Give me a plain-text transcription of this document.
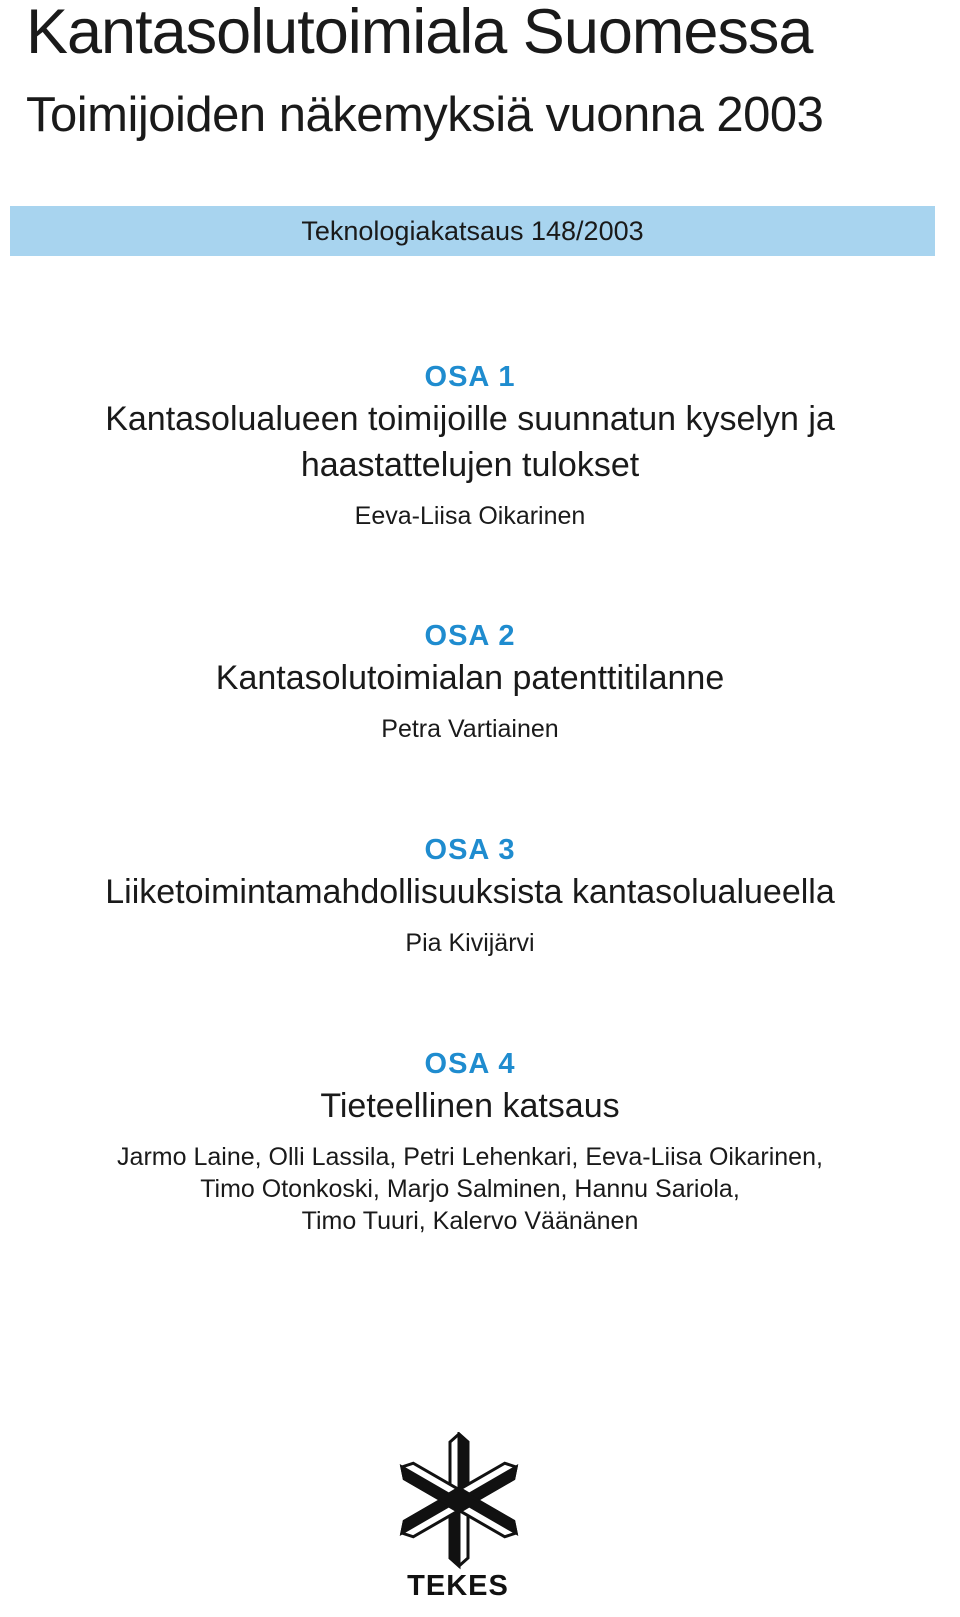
Kantasolutoimiala Suomessa
Toimijoiden näkemyksiä vuonna 2003
Teknologiakatsaus 148/2003
OSA 1
Kantasolualueen toimijoille suunnatun kyselyn ja
haastattelujen tulokset
Eeva-Liisa Oikarinen
OSA 2
Kantasolutoimialan patenttitilanne
Petra Vartiainen
OSA 3
Liiketoimintamahdollisuuksista kantasolualueella
Pia Kivijärvi
OSA 4
Tieteellinen katsaus
Jarmo Laine, Olli Lassila, Petri Lehenkari, Eeva-Liisa Oikarinen,
Timo Otonkoski, Marjo Salminen, Hannu Sariola,
Timo Tuuri, Kalervo Väänänen
TEKES
